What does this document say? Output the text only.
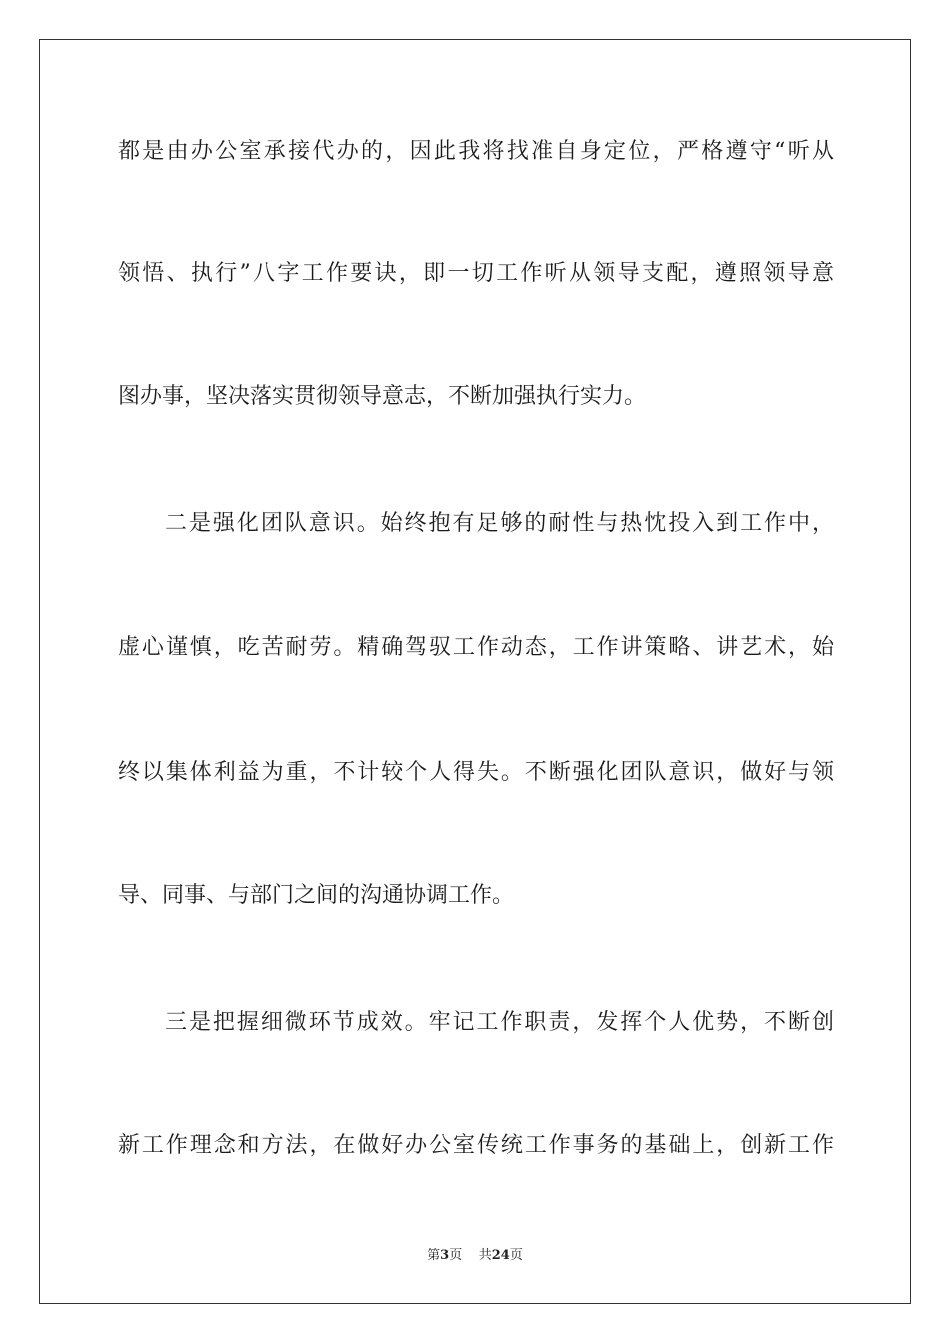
都是由办公室承接代办的，因此我将找准自身定位，严格遵守“听从
领悟、执行”八字工作要诀，即一切工作听从领导支配，遵照领导意
图办事，坚决落实贯彻领导意志，不断加强执行实力。
二是强化团队意识。始终抱有足够的耐性与热忱投入到工作中，
虚心谨慎，吃苦耐劳。精确驾驭工作动态，工作讲策略、讲艺术，始
终以集体利益为重，不计较个人得失。不断强化团队意识，做好与领
导、同事、与部门之间的沟通协调工作。
三是把握细微环节成效。牢记工作职责，发挥个人优势，不断创
新工作理念和方法，在做好办公室传统工作事务的基础上，创新工作
第3页 共24页
